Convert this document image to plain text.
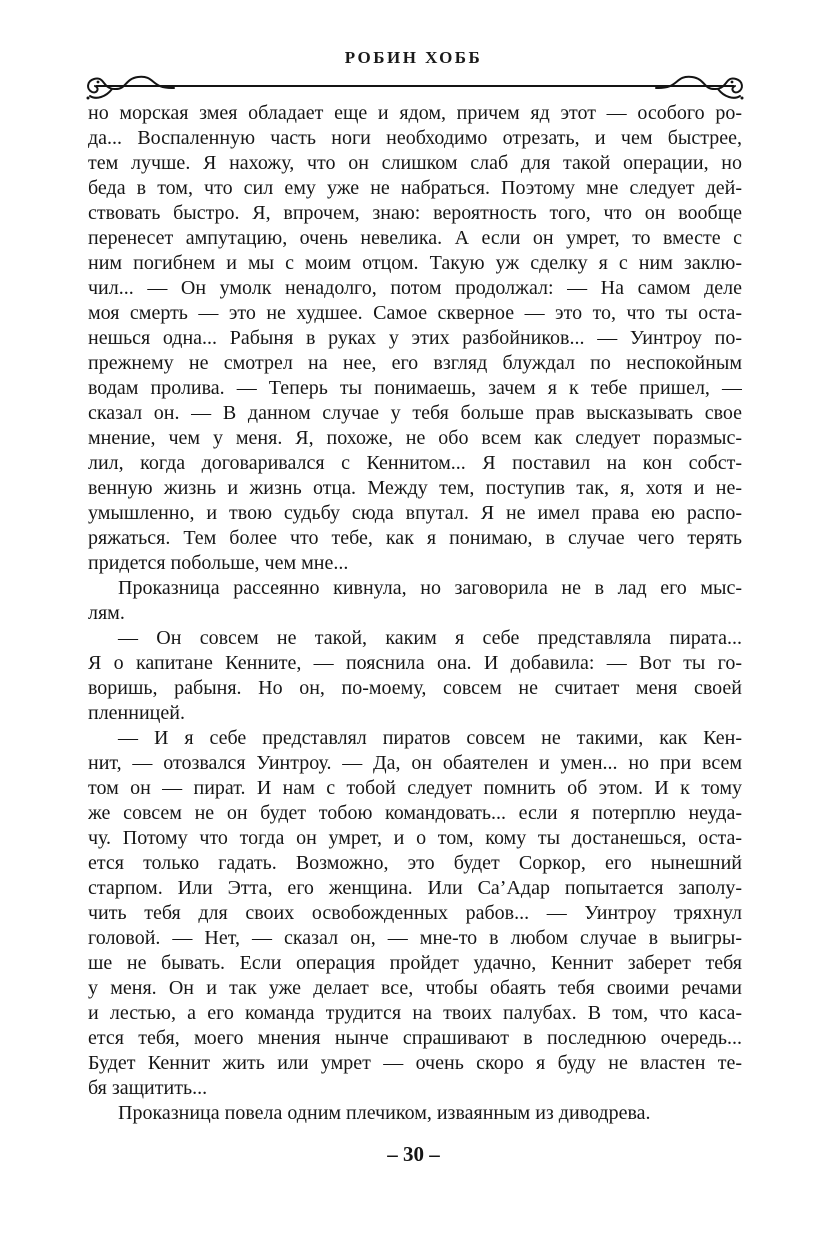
РОБИН ХОББ
но морская змея обладает еще и ядом, причем яд этот — особого ро-
да... Воспаленную часть ноги необходимо отрезать, и чем быстрее,
тем лучше. Я нахожу, что он слишком слаб для такой операции, но
беда в том, что сил ему уже не набраться. Поэтому мне следует дей-
ствовать быстро. Я, впрочем, знаю: вероятность того, что он вообще
перенесет ампутацию, очень невелика. А если он умрет, то вместе с
ним погибнем и мы с моим отцом. Такую уж сделку я с ним заклю-
чил... — Он умолк ненадолго, потом продолжал: — На самом деле
моя смерть — это не худшее. Самое скверное — это то, что ты оста-
нешься одна... Рабыня в руках у этих разбойников... — Уинтроу по-
прежнему не смотрел на нее, его взгляд блуждал по неспокойным
водам пролива. — Теперь ты понимаешь, зачем я к тебе пришел, —
сказал он. — В данном случае у тебя больше прав высказывать свое
мнение, чем у меня. Я, похоже, не обо всем как следует поразмыс-
лил, когда договаривался с Кеннитом... Я поставил на кон собст-
венную жизнь и жизнь отца. Между тем, поступив так, я, хотя и не-
умышленно, и твою судьбу сюда впутал. Я не имел права ею распо-
ряжаться. Тем более что тебе, как я понимаю, в случае чего терять
придется побольше, чем мне...
Проказница рассеянно кивнула, но заговорила не в лад его мыс-
лям.
— Он совсем не такой, каким я себе представляла пирата...
Я о капитане Кенните, — пояснила она. И добавила: — Вот ты го-
воришь, рабыня. Но он, по-моему, совсем не считает меня своей
пленницей.
— И я себе представлял пиратов совсем не такими, как Кен-
нит, — отозвался Уинтроу. — Да, он обаятелен и умен... но при всем
том он — пират. И нам с тобой следует помнить об этом. И к тому
же совсем не он будет тобою командовать... если я потерплю неуда-
чу. Потому что тогда он умрет, и о том, кому ты достанешься, оста-
ется только гадать. Возможно, это будет Соркор, его нынешний
старпом. Или Этта, его женщина. Или Са’Адар попытается заполу-
чить тебя для своих освобожденных рабов... — Уинтроу тряхнул
головой. — Нет, — сказал он, — мне-то в любом случае в выигры-
ше не бывать. Если операция пройдет удачно, Кеннит заберет тебя
у меня. Он и так уже делает все, чтобы обаять тебя своими речами
и лестью, а его команда трудится на твоих палубах. В том, что каса-
ется тебя, моего мнения нынче спрашивают в последнюю очередь...
Будет Кеннит жить или умрет — очень скоро я буду не властен те-
бя защитить...
Проказница повела одним плечиком, изваянным из диводрева.
– 30 –
